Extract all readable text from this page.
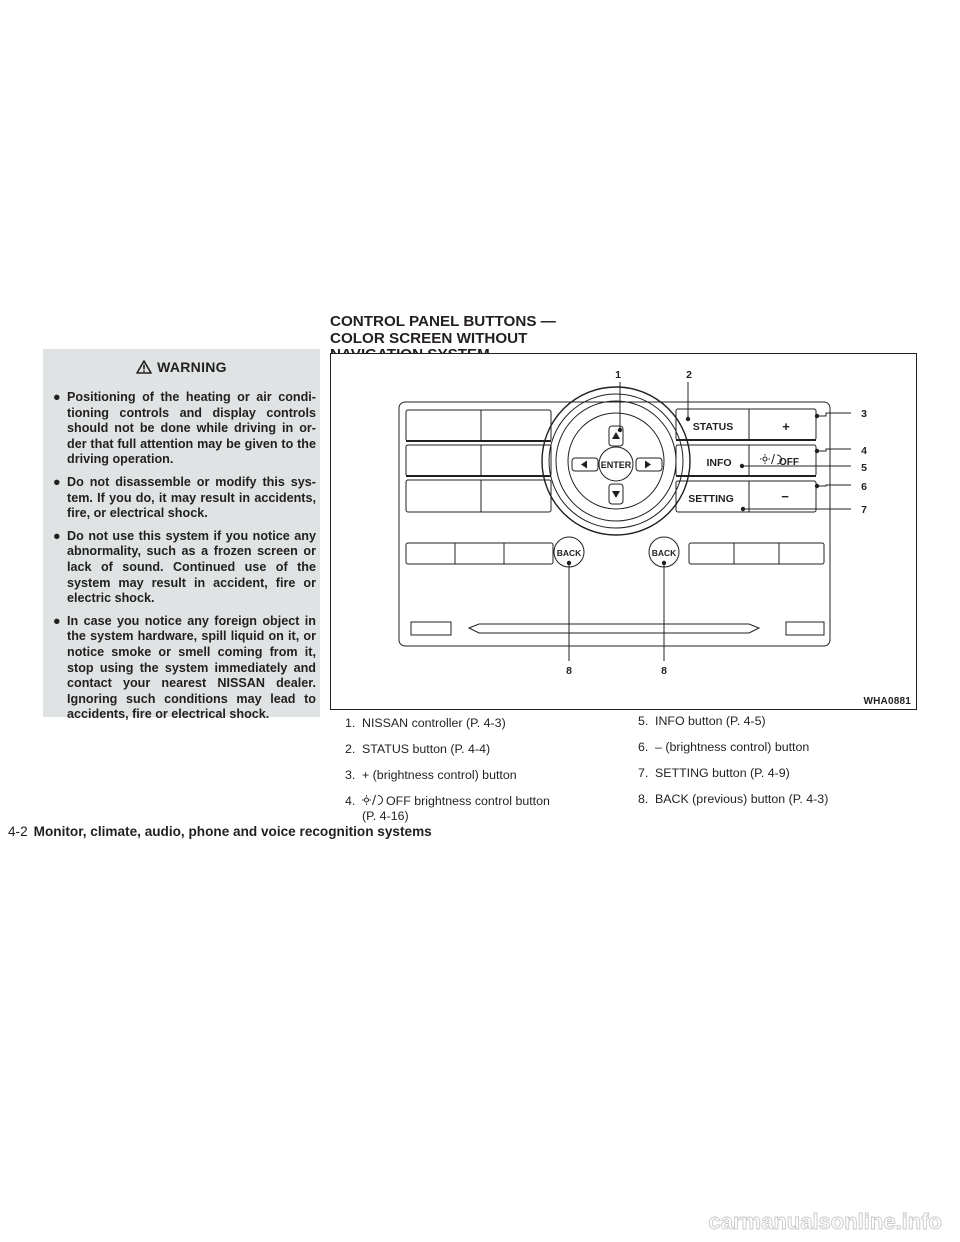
WARNING
● Positioning of the heating or air condi-tioning controls and display controls should not be done while driving in or-der that full attention may be given to the driving operation.
● Do not disassemble or modify this sys-tem. If you do, it may result in accidents, fire, or electrical shock.
● Do not use this system if you notice any abnormality, such as a frozen screen or lack of sound. Continued use of the system may result in accident, fire or electric shock.
● In case you notice any foreign object in the system hardware, spill liquid on it, or notice smoke or smell coming from it, stop using the system immediately and contact your nearest NISSAN dealer. Ignoring such conditions may lead to accidents, fire or electrical shock.
CONTROL PANEL BUTTONS —
COLOR SCREEN WITHOUT
STATUS	+
INFO	OFF
SETTING	−
ENTER
BACK	BACK
1	2
3
4
5
6
7
8	8
WHA0881
1. NISSAN controller (P. 4-3)
2. STATUS button (P. 4-4)
3. + (brightness control) button
4. OFF brightness control button
(P. 4-16)
5. INFO button (P. 4-5)
6. – (brightness control) button
7. SETTING button (P. 4-9)
8. BACK (previous) button (P. 4-3)
4-2 Monitor, climate, audio, phone and voice recognition systems
carmanualsonline.info
